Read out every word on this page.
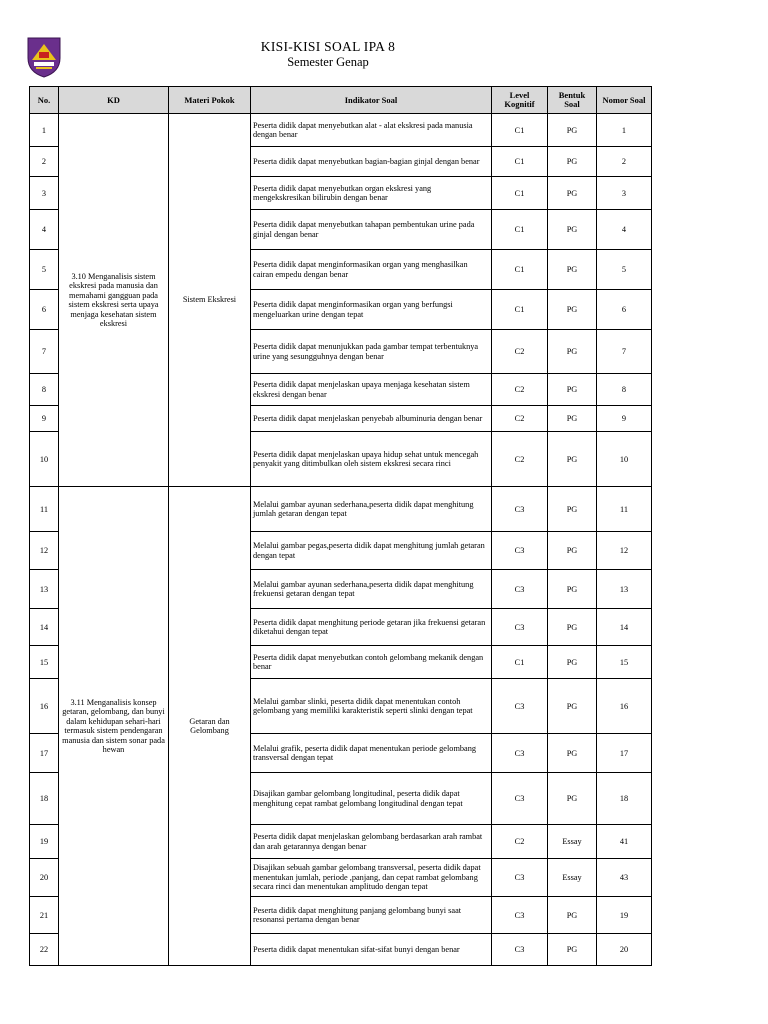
KISI-KISI SOAL IPA 8
Semester Genap
No.	KD	Materi Pokok	Indikator Soal	Level Kognitif	Bentuk Soal	Nomor Soal
1	3.10 Menganalisis sistem ekskresi pada manusia dan memahami gangguan pada sistem ekskresi serta upaya menjaga kesehatan sistem ekskresi	Sistem Ekskresi	Peserta didik dapat menyebutkan alat - alat ekskresi pada manusia dengan benar	C1	PG	1
2			Peserta didik dapat menyebutkan bagian-bagian ginjal dengan benar	C1	PG	2
3			Peserta didik dapat menyebutkan organ ekskresi yang mengekskresikan bilirubin dengan benar	C1	PG	3
4			Peserta didik dapat menyebutkan tahapan pembentukan urine pada ginjal dengan benar	C1	PG	4
5			Peserta didik dapat menginformasikan organ yang menghasilkan cairan empedu dengan benar	C1	PG	5
6			Peserta didik dapat menginformasikan organ yang berfungsi mengeluarkan urine dengan tepat	C1	PG	6
7			Peserta didik dapat menunjukkan pada gambar tempat terbentuknya urine yang sesungguhnya dengan benar	C2	PG	7
8			Peserta didik dapat menjelaskan upaya menjaga kesehatan sistem ekskresi dengan benar	C2	PG	8
9			Peserta didik dapat menjelaskan penyebab albuminuria dengan benar	C2	PG	9
10			Peserta didik dapat menjelaskan upaya hidup sehat untuk mencegah penyakit yang ditimbulkan oleh sistem ekskresi secara rinci	C2	PG	10
11	3.11 Menganalisis konsep getaran, gelombang, dan bunyi dalam kehidupan sehari-hari termasuk sistem pendengaran manusia dan sistem sonar pada hewan	Getaran dan Gelombang	Melalui gambar ayunan sederhana,peserta didik dapat menghitung jumlah getaran dengan tepat	C3	PG	11
12			Melalui gambar pegas,peserta didik dapat menghitung jumlah getaran dengan tepat	C3	PG	12
13			Melalui gambar ayunan sederhana,peserta didik dapat menghitung frekuensi getaran dengan tepat	C3	PG	13
14			Peserta didik dapat menghitung periode getaran jika frekuensi getaran diketahui dengan tepat	C3	PG	14
15			Peserta didik dapat menyebutkan contoh gelombang mekanik dengan benar	C1	PG	15
16			Melalui gambar slinki, peserta didik dapat menentukan contoh gelombang yang memiliki karakteristik seperti slinki dengan tepat	C3	PG	16
17			Melalui grafik, peserta didik dapat menentukan periode gelombang transversal dengan tepat	C3	PG	17
18			Disajikan gambar gelombang longitudinal, peserta didik dapat menghitung cepat rambat gelombang longitudinal dengan tepat	C3	PG	18
19			Peserta didik dapat menjelaskan gelombang berdasarkan arah rambat dan arah getarannya dengan benar	C2	Essay	41
20			Disajikan sebuah gambar gelombang transversal, peserta didik dapat menentukan jumlah, periode ,panjang, dan cepat rambat gelombang secara rinci dan menentukan amplitudo dengan tepat	C3	Essay	43
21			Peserta didik dapat menghitung panjang gelombang bunyi saat resonansi pertama dengan benar	C3	PG	19
22			Peserta didik dapat menentukan sifat-sifat bunyi dengan benar	C3	PG	20
